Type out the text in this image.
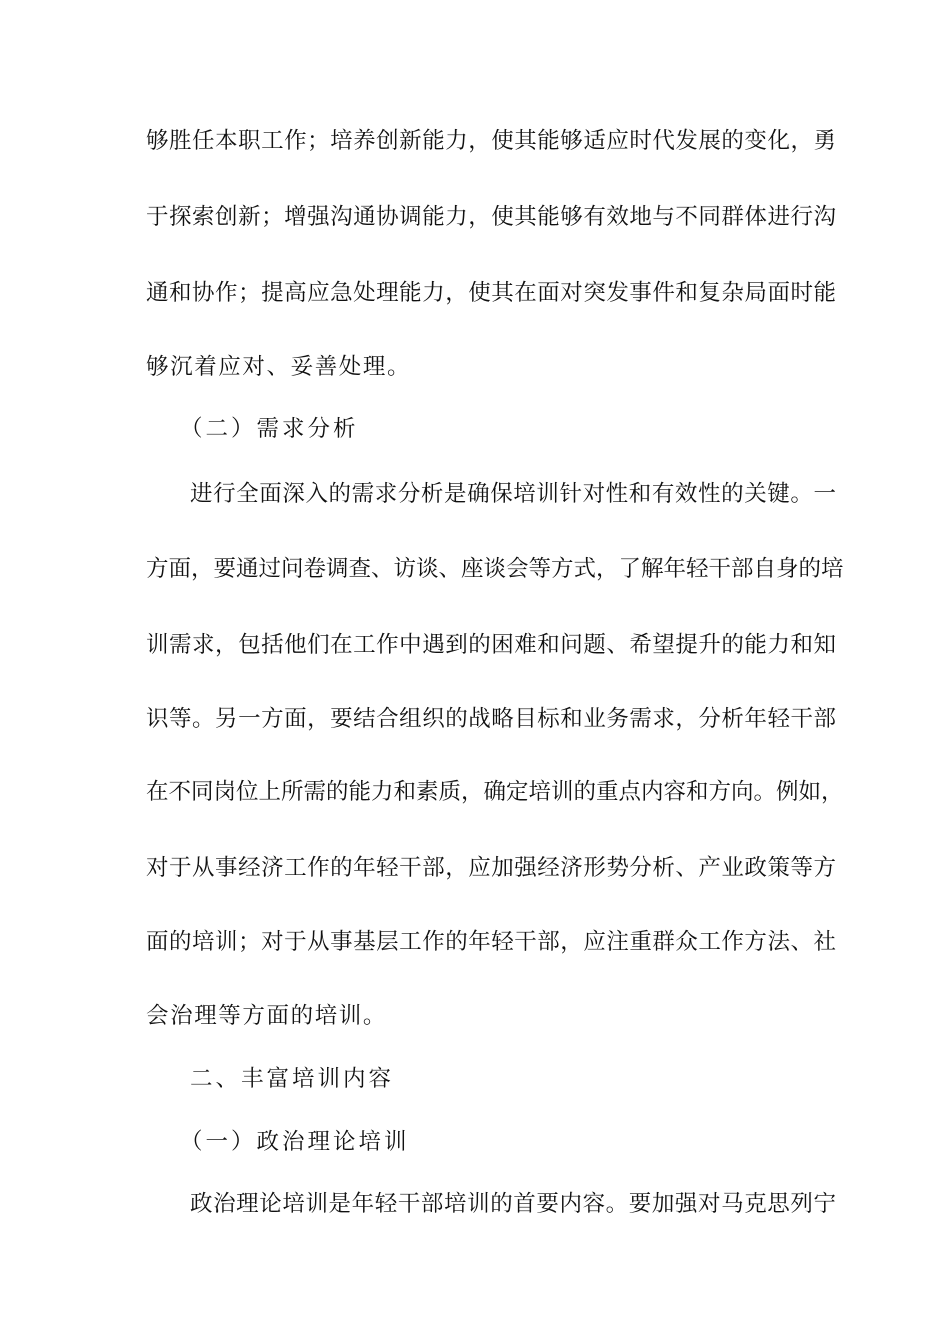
够胜任本职工作；培养创新能力，使其能够适应时代发展的变化，勇
于探索创新；增强沟通协调能力，使其能够有效地与不同群体进行沟
通和协作；提高应急处理能力，使其在面对突发事件和复杂局面时能
够沉着应对、妥善处理。
（二）需求分析
进行全面深入的需求分析是确保培训针对性和有效性的关键。一
方面，要通过问卷调查、访谈、座谈会等方式，了解年轻干部自身的培
训需求，包括他们在工作中遇到的困难和问题、希望提升的能力和知
识等。另一方面，要结合组织的战略目标和业务需求，分析年轻干部
在不同岗位上所需的能力和素质，确定培训的重点内容和方向。例如，
对于从事经济工作的年轻干部，应加强经济形势分析、产业政策等方
面的培训；对于从事基层工作的年轻干部，应注重群众工作方法、社
会治理等方面的培训。
二、丰富培训内容
（一）政治理论培训
政治理论培训是年轻干部培训的首要内容。要加强对马克思列宁
